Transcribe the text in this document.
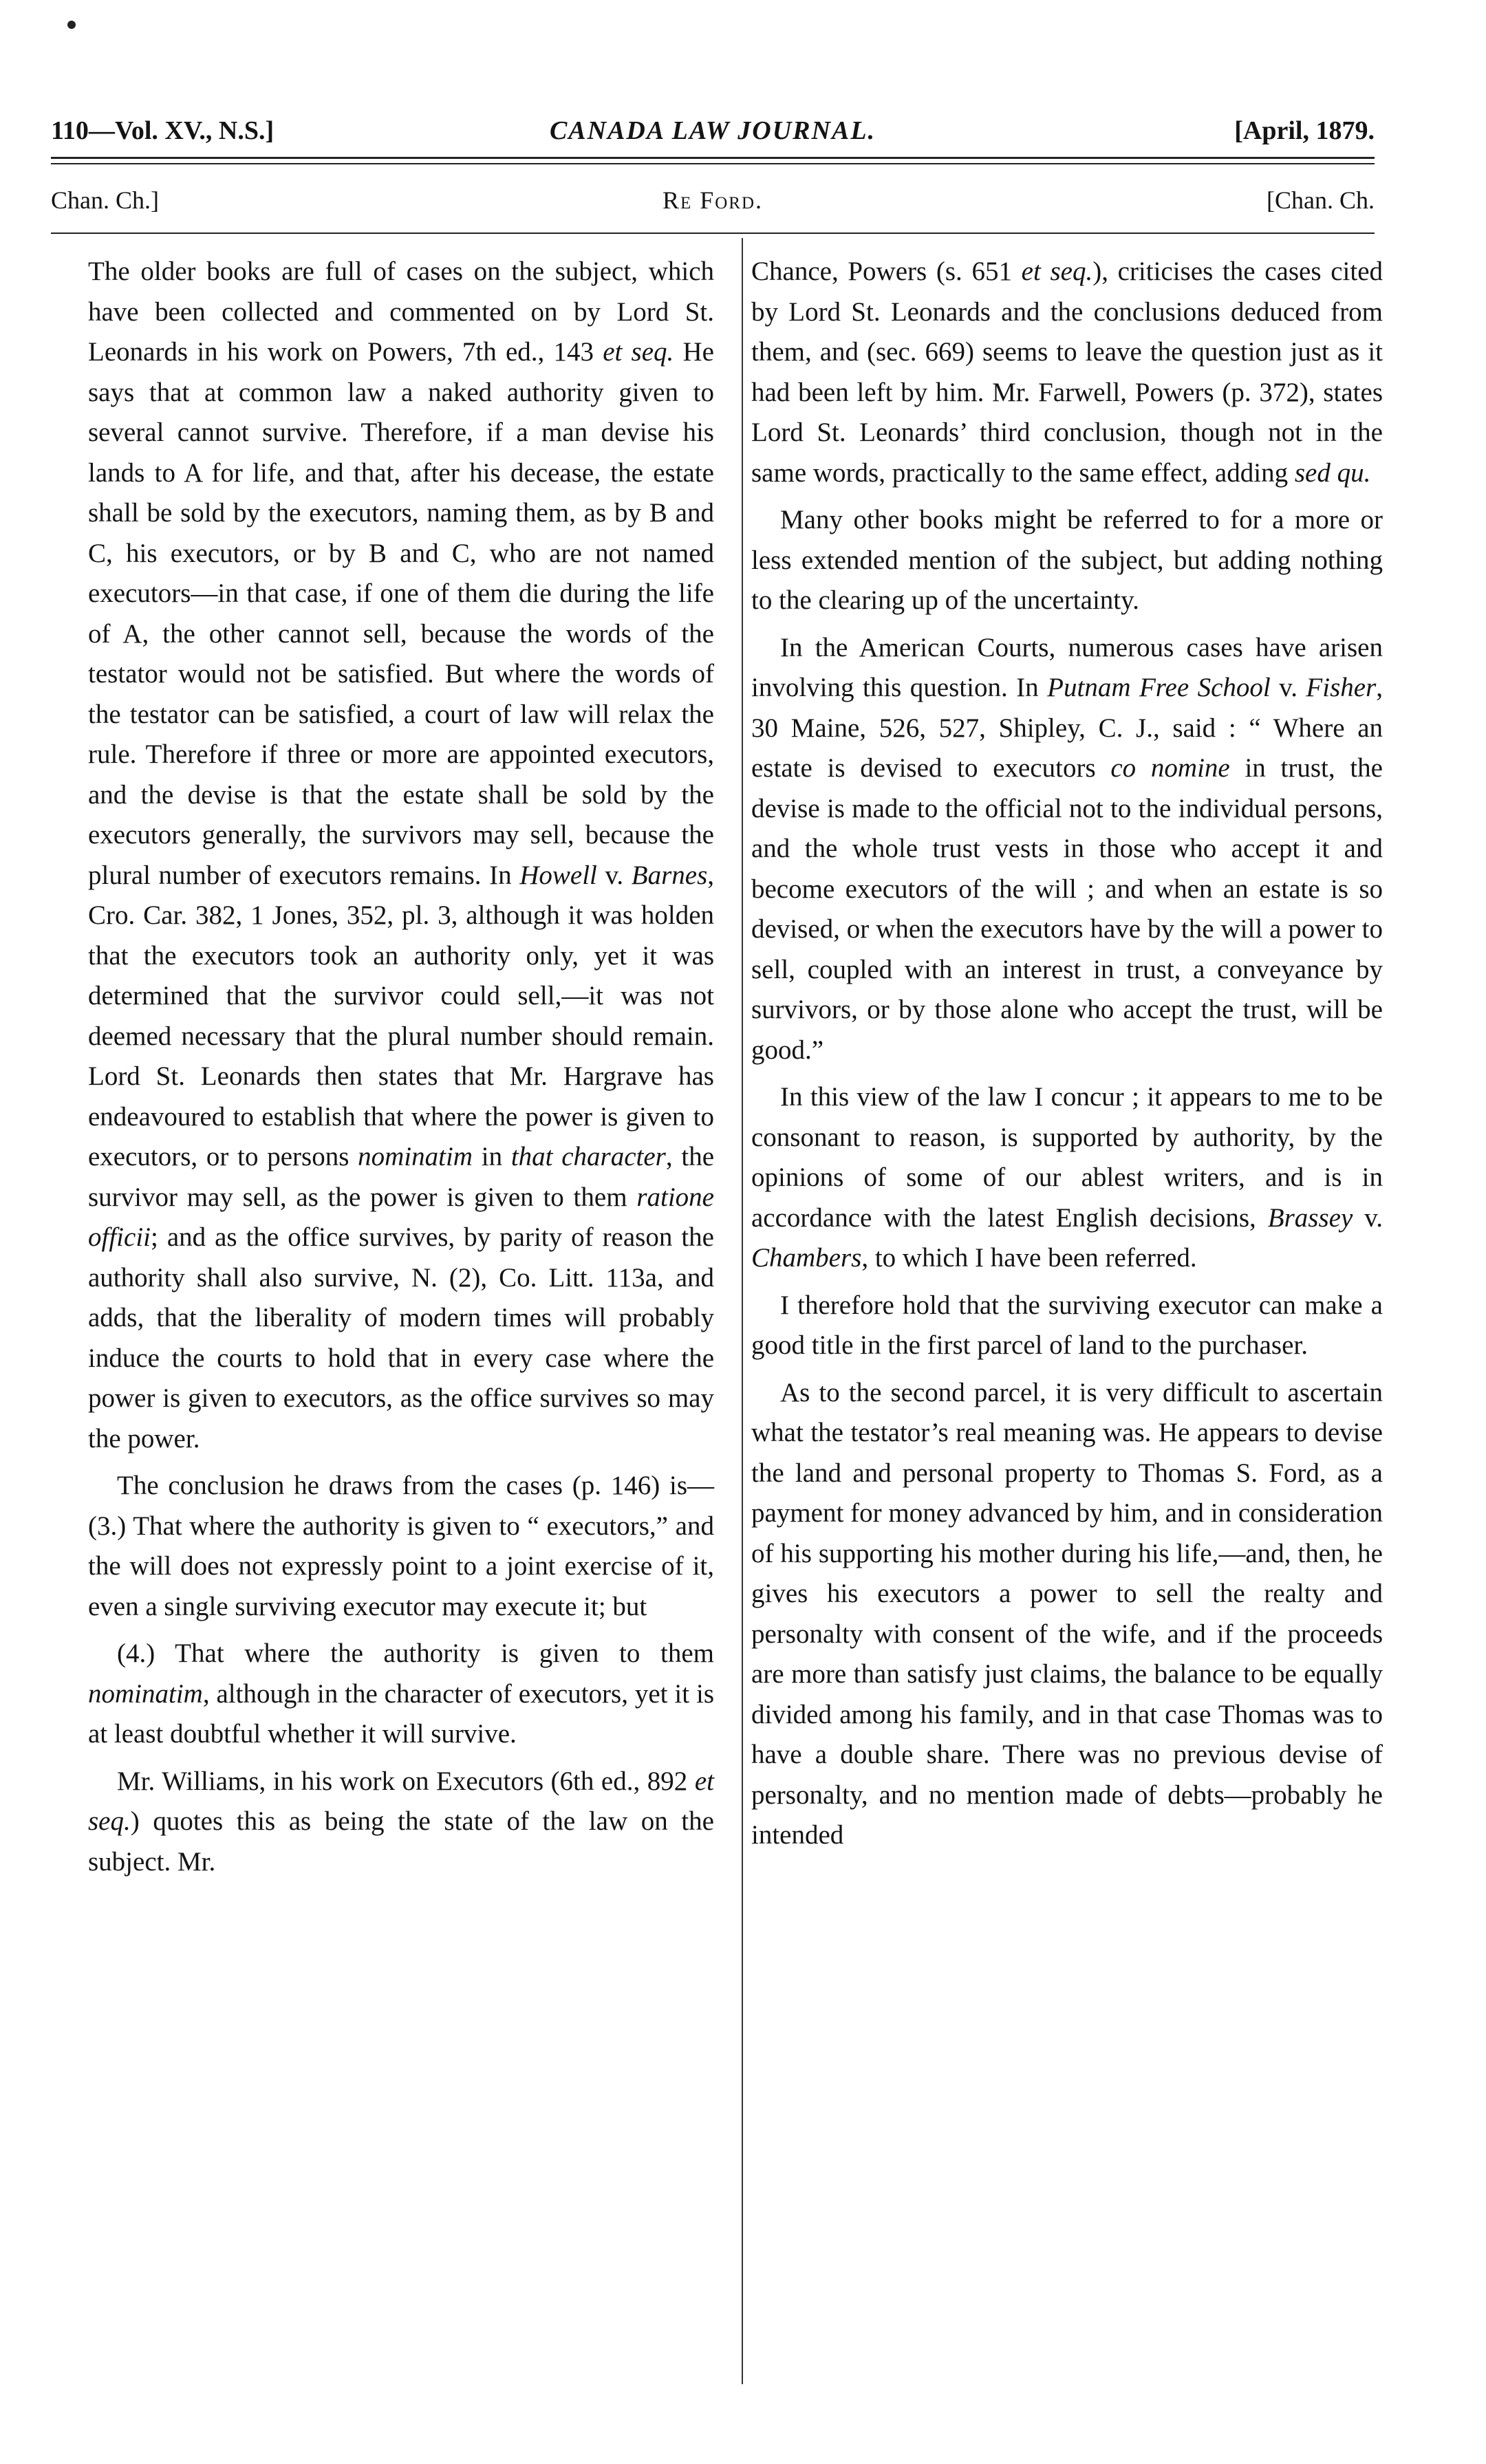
110—Vol. XV., N.S.]	CANADA LAW JOURNAL.	[April, 1879.
Chan. Ch.]	Re Ford.	[Chan. Ch.

The older books are full of cases on the subject, which have been collected and commented on by Lord St. Leonards in his work on Powers, 7th ed., 143 et seq. He says that at common law a naked authority given to several cannot survive. Therefore, if a man devise his lands to A for life, and that, after his decease, the estate shall be sold by the executors, naming them, as by B and C, his executors, or by B and C, who are not named executors—in that case, if one of them die during the life of A, the other cannot sell, because the words of the testator would not be satisfied. But where the words of the testator can be satisfied, a court of law will relax the rule. Therefore if three or more are appointed executors, and the devise is that the estate shall be sold by the executors generally, the survivors may sell, because the plural number of executors remains. In Howell v. Barnes, Cro. Car. 382, 1 Jones, 352, pl. 3, although it was holden that the executors took an authority only, yet it was determined that the survivor could sell,—it was not deemed necessary that the plural number should remain. Lord St. Leonards then states that Mr. Hargrave has endeavoured to establish that where the power is given to executors, or to persons nominatim in that character, the survivor may sell, as the power is given to them ratione officii; and as the office survives, by parity of reason the authority shall also survive, N. (2), Co. Litt. 113a, and adds, that the liberality of modern times will probably induce the courts to hold that in every case where the power is given to executors, as the office survives so may the power.

The conclusion he draws from the cases (p. 146) is—(3.) That where the authority is given to “ executors,” and the will does not expressly point to a joint exercise of it, even a single surviving executor may execute it; but

(4.) That where the authority is given to them nominatim, although in the character of executors, yet it is at least doubtful whether it will survive.

Mr. Williams, in his work on Executors (6th ed., 892 et seq.) quotes this as being the state of the law on the subject. Mr.

Chance, Powers (s. 651 et seq.), criticises the cases cited by Lord St. Leonards and the conclusions deduced from them, and (sec. 669) seems to leave the question just as it had been left by him. Mr. Farwell, Powers (p. 372), states Lord St. Leonards’ third conclusion, though not in the same words, practically to the same effect, adding sed qu.

Many other books might be referred to for a more or less extended mention of the subject, but adding nothing to the clearing up of the uncertainty.

In the American Courts, numerous cases have arisen involving this question. In Putnam Free School v. Fisher, 30 Maine, 526, 527, Shipley, C. J., said : “ Where an estate is devised to executors co nomine in trust, the devise is made to the official not to the individual persons, and the whole trust vests in those who accept it and become executors of the will ; and when an estate is so devised, or when the executors have by the will a power to sell, coupled with an interest in trust, a conveyance by survivors, or by those alone who accept the trust, will be good.”

In this view of the law I concur ; it appears to me to be consonant to reason, is supported by authority, by the opinions of some of our ablest writers, and is in accordance with the latest English decisions, Brassey v. Chambers, to which I have been referred.

I therefore hold that the surviving executor can make a good title in the first parcel of land to the purchaser.

As to the second parcel, it is very difficult to ascertain what the testator’s real meaning was. He appears to devise the land and personal property to Thomas S. Ford, as a payment for money advanced by him, and in consideration of his supporting his mother during his life,—and, then, he gives his executors a power to sell the realty and personalty with consent of the wife, and if the proceeds are more than satisfy just claims, the balance to be equally divided among his family, and in that case Thomas was to have a double share. There was no previous devise of personalty, and no mention made of debts—probably he intended
